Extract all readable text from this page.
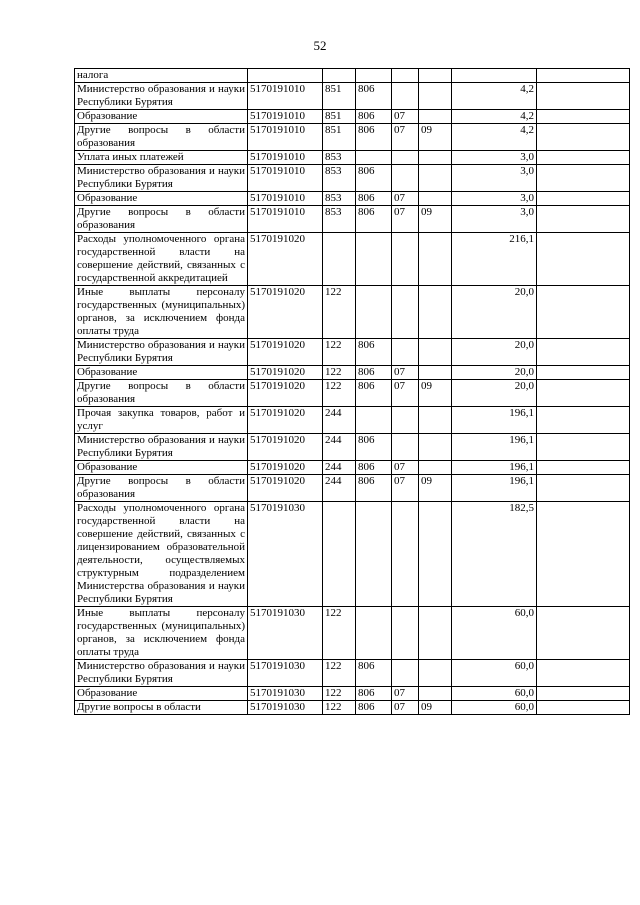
52
налога							
Министерство образования и науки Республики Бурятия	5170191010	851	806			4,2	
Образование	5170191010	851	806	07		4,2	
Другие вопросы в области образования	5170191010	851	806	07	09	4,2	
Уплата иных платежей	5170191010	853				3,0	
Министерство образования и науки Республики Бурятия	5170191010	853	806			3,0	
Образование	5170191010	853	806	07		3,0	
Другие вопросы в области образования	5170191010	853	806	07	09	3,0	
Расходы уполномоченного органа государственной власти на совершение действий, связанных с государственной аккредитацией	5170191020					216,1	
Иные выплаты персоналу государственных (муниципальных) органов, за исключением фонда оплаты труда	5170191020	122				20,0	
Министерство образования и науки Республики Бурятия	5170191020	122	806			20,0	
Образование	5170191020	122	806	07		20,0	
Другие вопросы в области образования	5170191020	122	806	07	09	20,0	
Прочая закупка товаров, работ и услуг	5170191020	244				196,1	
Министерство образования и науки Республики Бурятия	5170191020	244	806			196,1	
Образование	5170191020	244	806	07		196,1	
Другие вопросы в области образования	5170191020	244	806	07	09	196,1	
Расходы уполномоченного органа государственной власти на совершение действий, связанных с лицензированием образовательной деятельности, осуществляемых структурным подразделением Министерства образования и науки Республики Бурятия	5170191030					182,5	
Иные выплаты персоналу государственных (муниципальных) органов, за исключением фонда оплаты труда	5170191030	122				60,0	
Министерство образования и науки Республики Бурятия	5170191030	122	806			60,0	
Образование	5170191030	122	806	07		60,0	
Другие вопросы в области	5170191030	122	806	07	09	60,0	
